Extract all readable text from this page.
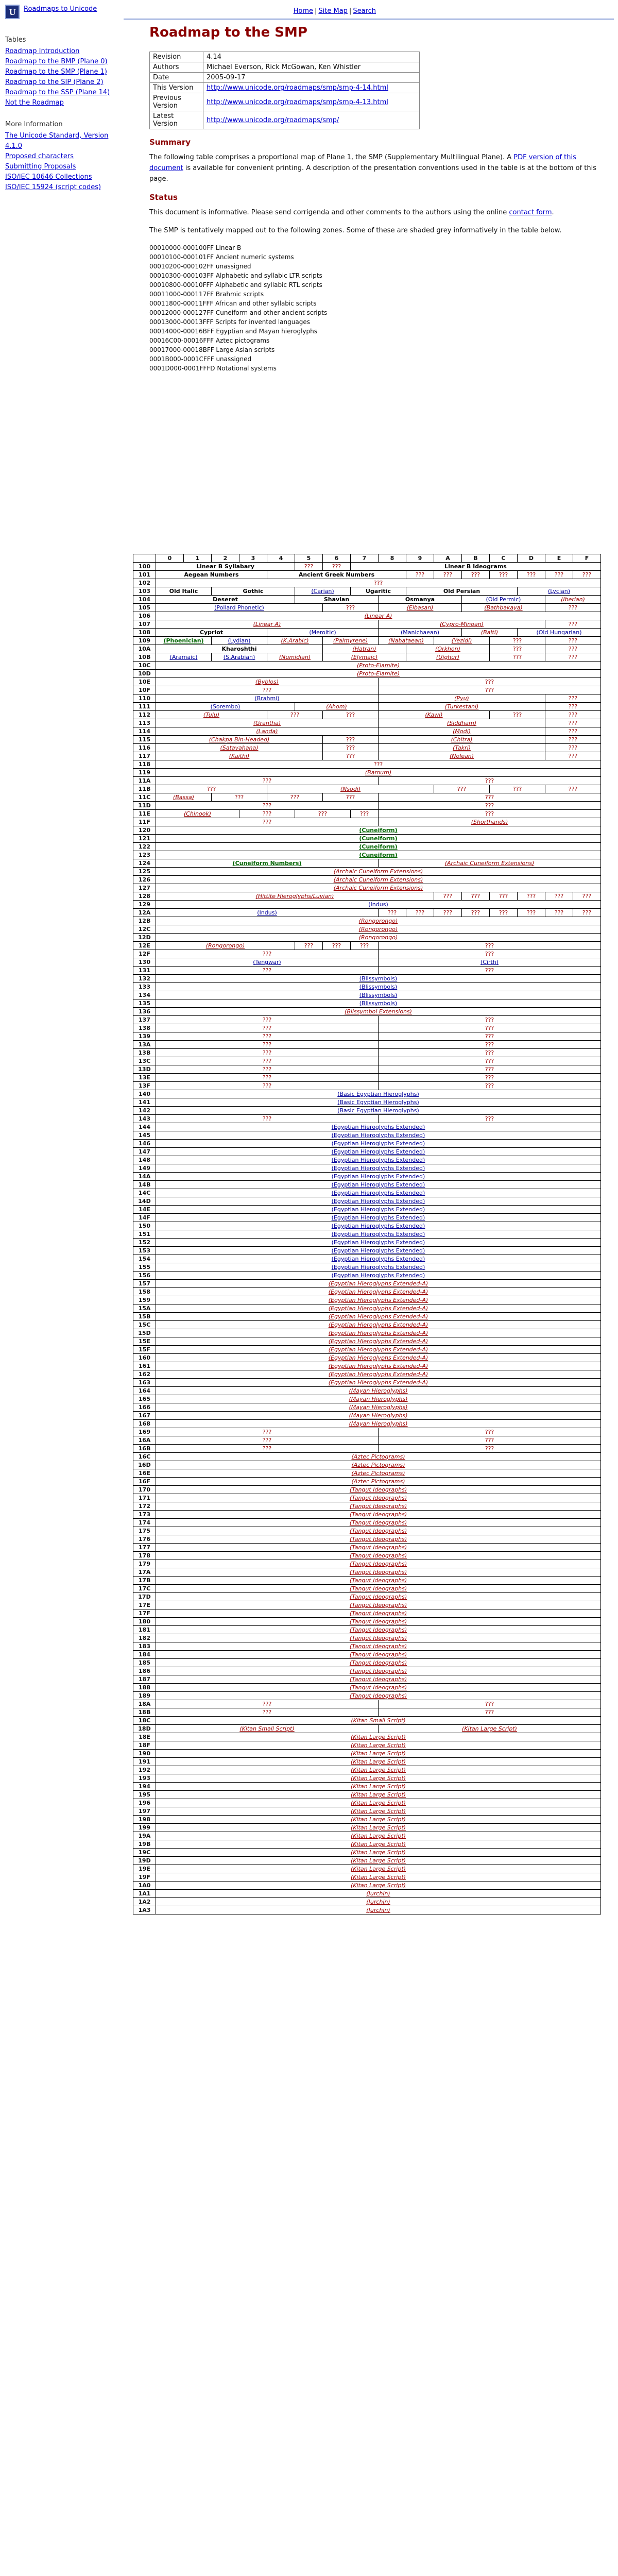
U Roadmaps to Unicode	Home | Site Map | Search
Tables
Roadmap Introduction
Roadmap to the BMP (Plane 0)
Roadmap to the SMP (Plane 1)
Roadmap to the SIP (Plane 2)
Roadmap to the SSP (Plane 14)
Not the Roadmap
More Information
The Unicode Standard, Version 4.1.0
Proposed characters
Submitting Proposals
ISO/IEC 10646 Collections
ISO/IEC 15924 (script codes)
Roadmap to the SMP
Revision	4.14
Authors	Michael Everson, Rick McGowan, Ken Whistler
Date	2005-09-17
This Version	http://www.unicode.org/roadmaps/smp/smp-4-14.html
Previous Version	http://www.unicode.org/roadmaps/smp/smp-4-13.html
Latest Version	http://www.unicode.org/roadmaps/smp/
Summary

The following table comprises a proportional map of Plane 1, the SMP (Supplementary Multilingual Plane). A PDF version of this document is available for convenient printing. A description of the presentation conventions used in the table is at the bottom of this page.

Status

This document is informative. Please send corrigenda and other comments to the authors using the online contact form.

The SMP is tentatively mapped out to the following zones. Some of these are shaded grey informatively in the table below.

00010000-000100FF Linear B
00010100-000101FF Ancient numeric systems
00010200-000102FF unassigned
00010300-000103FF Alphabetic and syllabic LTR scripts
00010800-00010FFF Alphabetic and syllabic RTL scripts
00011000-000117FF Brahmic scripts
00011800-00011FFF African and other syllabic scripts
00012000-000127FF Cuneiform and other ancient scripts
00013000-00013FFF Scripts for invented languages
00014000-00016BFF Egyptian and Mayan hieroglyphs
00016C00-00016FFF Aztec pictograms
00017000-00018BFF Large Asian scripts
0001B000-0001CFFF unassigned
0001D000-0001FFFD Notational systems
	0	1	2	3	4	5	6	7	8	9	A	B	C	D	E	F
100	Linear B Syllabary					???	???	Linear B Ideograms								
101	Aegean Numbers				Ancient Greek Numbers					???	???	???	???	???	???	???
102	???															
103	Old Italic		Gothic			(Carian)		Ugaritic		Old Persian				(Lycian)		
104	Deseret					Shavian			Osmanya			(Old Permic)			(Iberian)	
105	(Pollard Phonetic)						???		(Elbasan)			(Bathbakaya)			???	
106	(Linear A)															
107	(Linear A)								(Cypro-Minoan)						???	
108	Cypriot				(Meroitic)				(Manichaean)			(Balti)		(Old Hungarian)		
109	(Phoenician)		(Lydian)		(K.Arabic)		(Palmyrene)		(Nabataean)		(Yezidi)		???		???	
10A	Kharoshthi						(Hatran)			(Orkhon)			???		???	
10B	(Aramaic)		(S.Arabian)		(Numidian)		(Elymaic)			(Uighur)			???		???	
10C	(Proto-Elamite)															
10D	(Proto-Elamite)															
10E	(Byblos)								???							
10F	???								???							
110	(Brahmi)								(Pyu)						???	
111	(Sorembo)					(Ahom)			(Turkestani)						???	
112	(Tulu)				???		???		(Kawi)				???		???	
113	(Grantha)								(Siddham)						???	
114	(Landa)								(Modi)						???	
115	(Chakpa Bin-Headed)						???		(Chitra)						???	
116	(Satavahana)						???		(Takri)						???	
117	(Kaithi)						???		(Nolean)						???	
118	???															
119	(Bamum)															
11A	???								???							
11B	???				(Nsodi)						???		???		???	
11C	(Bassa)		???		???		???		???							
11D	???								???							
11E	(Chinook)			???		???		???	???							
11F	???								(Shorthands)							
120	(Cuneiform)															
121	(Cuneiform)															
122	(Cuneiform)															
123	(Cuneiform)															
124	(Cuneiform Numbers)								(Archaic Cuneiform Extensions)							
125	(Archaic Cuneiform Extensions)															
126	(Archaic Cuneiform Extensions)															
127	(Archaic Cuneiform Extensions)															
128	(Hittite Hieroglyphs/Luvian)										???	???	???	???	???	???
129	(Indus)															
12A	(Indus)								???	???	???	???	???	???	???	???
12B	(Rongorongo)															
12C	(Rongorongo)															
12D	(Rongorongo)															
12E	(Rongorongo)					???	???	???	???							
12F	???								???							
130	(Tengwar)								(Cirth)							
131	???								???							
132	(Blissymbols)															
133	(Blissymbols)															
134	(Blissymbols)															
135	(Blissymbols)															
136	(Blissymbol Extensions)															
137	???								???							
138	???								???							
139	???								???							
13A	???								???							
13B	???								???							
13C	???								???							
13D	???								???							
13E	???								???							
13F	???								???							
140	(Basic Egyptian Hieroglyphs)															
141	(Basic Egyptian Hieroglyphs)															
142	(Basic Egyptian Hieroglyphs)															
143	???								???							
144	(Egyptian Hieroglyphs Extended)															
145	(Egyptian Hieroglyphs Extended)															
146	(Egyptian Hieroglyphs Extended)															
147	(Egyptian Hieroglyphs Extended)															
148	(Egyptian Hieroglyphs Extended)															
149	(Egyptian Hieroglyphs Extended)															
14A	(Egyptian Hieroglyphs Extended)															
14B	(Egyptian Hieroglyphs Extended)															
14C	(Egyptian Hieroglyphs Extended)															
14D	(Egyptian Hieroglyphs Extended)															
14E	(Egyptian Hieroglyphs Extended)															
14F	(Egyptian Hieroglyphs Extended)															
150	(Egyptian Hieroglyphs Extended)															
151	(Egyptian Hieroglyphs Extended)															
152	(Egyptian Hieroglyphs Extended)															
153	(Egyptian Hieroglyphs Extended)															
154	(Egyptian Hieroglyphs Extended)															
155	(Egyptian Hieroglyphs Extended)															
156	(Egyptian Hieroglyphs Extended)															
157	(Egyptian Hieroglyphs Extended-A)															
158	(Egyptian Hieroglyphs Extended-A)															
159	(Egyptian Hieroglyphs Extended-A)															
15A	(Egyptian Hieroglyphs Extended-A)															
15B	(Egyptian Hieroglyphs Extended-A)															
15C	(Egyptian Hieroglyphs Extended-A)															
15D	(Egyptian Hieroglyphs Extended-A)															
15E	(Egyptian Hieroglyphs Extended-A)															
15F	(Egyptian Hieroglyphs Extended-A)															
160	(Egyptian Hieroglyphs Extended-A)															
161	(Egyptian Hieroglyphs Extended-A)															
162	(Egyptian Hieroglyphs Extended-A)															
163	(Egyptian Hieroglyphs Extended-A)															
164	(Mayan Hieroglyphs)															
165	(Mayan Hieroglyphs)															
166	(Mayan Hieroglyphs)															
167	(Mayan Hieroglyphs)															
168	(Mayan Hieroglyphs)															
169	???								???							
16A	???								???							
16B	???								???							
16C	(Aztec Pictograms)															
16D	(Aztec Pictograms)															
16E	(Aztec Pictograms)															
16F	(Aztec Pictograms)															
170	(Tangut Ideographs)															
171	(Tangut Ideographs)															
172	(Tangut Ideographs)															
173	(Tangut Ideographs)															
174	(Tangut Ideographs)															
175	(Tangut Ideographs)															
176	(Tangut Ideographs)															
177	(Tangut Ideographs)															
178	(Tangut Ideographs)															
179	(Tangut Ideographs)															
17A	(Tangut Ideographs)															
17B	(Tangut Ideographs)															
17C	(Tangut Ideographs)															
17D	(Tangut Ideographs)															
17E	(Tangut Ideographs)															
17F	(Tangut Ideographs)															
180	(Tangut Ideographs)															
181	(Tangut Ideographs)															
182	(Tangut Ideographs)															
183	(Tangut Ideographs)															
184	(Tangut Ideographs)															
185	(Tangut Ideographs)															
186	(Tangut Ideographs)															
187	(Tangut Ideographs)															
188	(Tangut Ideographs)															
189	(Tangut Ideographs)															
18A	???								???							
18B	???								???							
18C	(Kitan Small Script)															
18D	(Kitan Small Script)								(Kitan Large Script)							
18E	(Kitan Large Script)															
18F	(Kitan Large Script)															
190	(Kitan Large Script)															
191	(Kitan Large Script)															
192	(Kitan Large Script)															
193	(Kitan Large Script)															
194	(Kitan Large Script)															
195	(Kitan Large Script)															
196	(Kitan Large Script)															
197	(Kitan Large Script)															
198	(Kitan Large Script)															
199	(Kitan Large Script)															
19A	(Kitan Large Script)															
19B	(Kitan Large Script)															
19C	(Kitan Large Script)															
19D	(Kitan Large Script)															
19E	(Kitan Large Script)															
19F	(Kitan Large Script)															
1A0	(Kitan Large Script)															
1A1	(Jurchin)															
1A2	(Jurchin)															
1A3	(Jurchin)															
